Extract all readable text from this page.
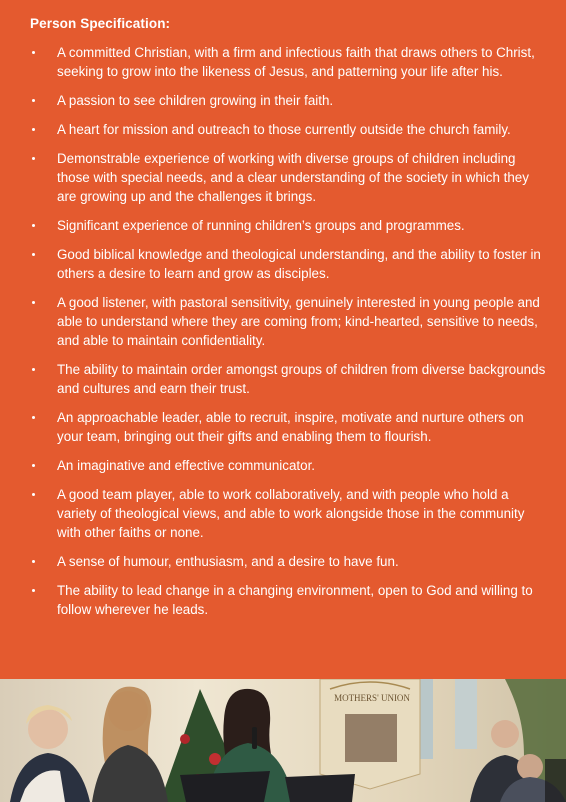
Person Specification:
A committed Christian, with a firm and infectious faith that draws others to Christ, seeking to grow into the likeness of Jesus, and patterning your life after his.
A passion to see children growing in their faith.
A heart for mission and outreach to those currently outside the church family.
Demonstrable experience of working with diverse groups of children including those with special needs, and a clear understanding of the society in which they are growing up and the challenges it brings.
Significant experience of running children’s groups and programmes.
Good biblical knowledge and theological understanding, and the ability to foster in others a desire to learn and grow as disciples.
A good listener, with pastoral sensitivity, genuinely interested in young people and able to understand where they are coming from; kind-hearted, sensitive to needs, and able to maintain confidentiality.
The ability to maintain order amongst groups of children from diverse backgrounds and cultures and earn their trust.
An approachable leader, able to recruit, inspire, motivate and nurture others on your team, bringing out their gifts and enabling them to flourish.
An imaginative and effective communicator.
A good team player, able to work collaboratively, and with people who hold a variety of theological views, and able to work alongside those in the community with other faiths or none.
A sense of humour, enthusiasm, and a desire to have fun.
The ability to lead change in a changing environment, open to God and willing to follow wherever he leads.
MOTHERS' UNION
